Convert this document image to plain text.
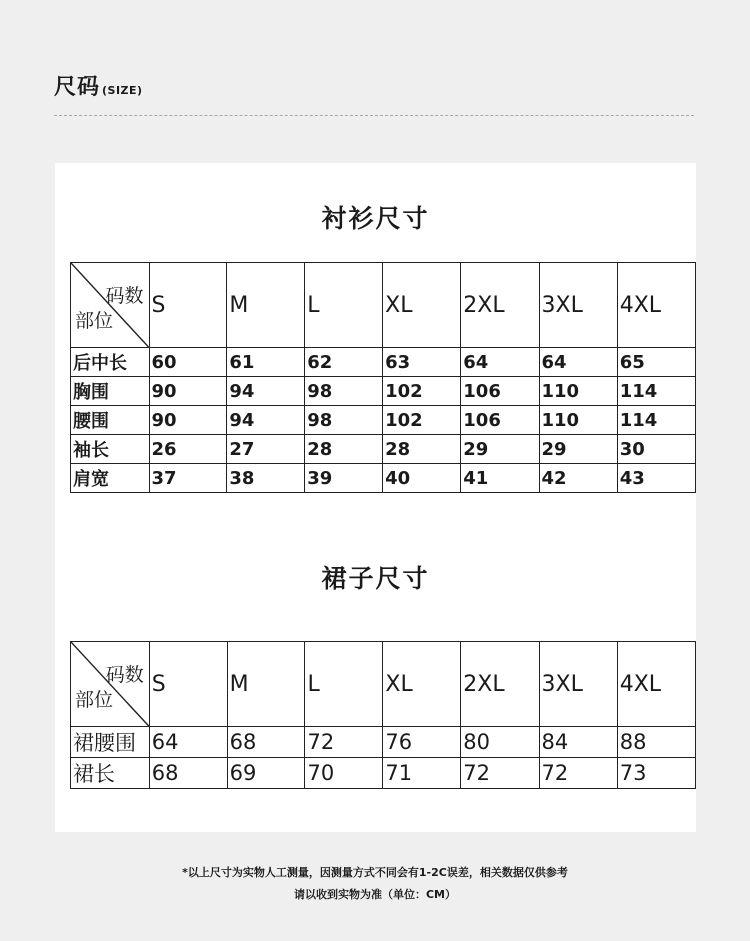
尺码 (SIZE)
衬衫尺寸
码数
部位	S	M	L	XL	2XL	3XL	4XL
后中长	60	61	62	63	64	64	65
胸围	90	94	98	102	106	110	114
腰围	90	94	98	102	106	110	114
袖长	26	27	28	28	29	29	30
肩宽	37	38	39	40	41	42	43
裙子尺寸
码数
部位	S	M	L	XL	2XL	3XL	4XL
裙腰围	64	68	72	76	80	84	88
裙长	68	69	70	71	72	72	73
*以上尺寸为实物人工测量，因测量方式不同会有1-2C误差，相关数据仅供参考
请以收到实物为准（单位：CM）
